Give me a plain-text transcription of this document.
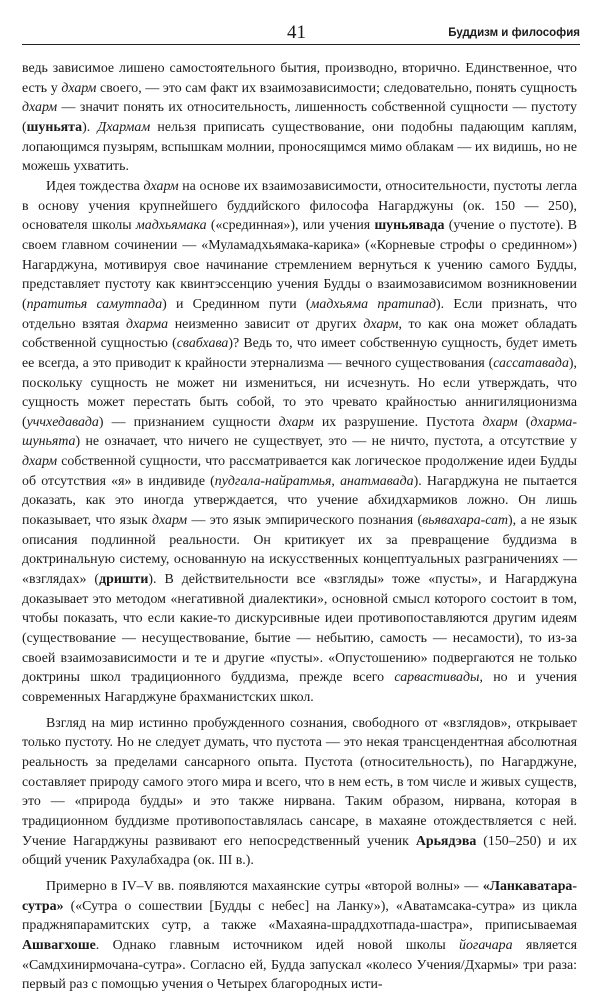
41	Буддизм и философия

ведь зависимое лишено самостоятельного бытия, производно, вторично. Единственное, что есть у дхарм своего, — это сам факт их взаимозависимости; следовательно, понять сущность дхарм — значит понять их относительность, лишенность собственной сущности — пустоту (шуньята). Дхармам нельзя приписать существование, они подобны падающим каплям, лопающимся пузырям, вспышкам молнии, проносящимся мимо облакам — их видишь, но не можешь ухватить.

Идея тождества дхарм на основе их взаимозависимости, относительности, пустоты легла в основу учения крупнейшего буддийского философа Нагарджуны (ок. 150 — 250), основателя школы мадхьямака («срединная»), или учения шуньявада (учение о пустоте). В своем главном сочинении — «Муламадхьямака-карика» («Корневые строфы о срединном») Нагарджуна, мотивируя свое начинание стремлением вернуться к учению самого Будды, представляет пустоту как квинтэссенцию учения Будды о взаимозависимом возникновении (пратитья самутпада) и Срединном пути (мадхьяма пратипад). Если признать, что отдельно взятая дхарма неизменно зависит от других дхарм, то как она может обладать собственной сущностью (свабхава)? Ведь то, что имеет собственную сущность, будет иметь ее всегда, а это приводит к крайности этернализма — вечного существования (сассатавада), поскольку сущность не может ни измениться, ни исчезнуть. Но если утверждать, что сущность может перестать быть собой, то это чревато крайностью аннигиляционизма (уччхедавада) — признанием сущности дхарм их разрушение. Пустота дхарм (дхарма-шуньята) не означает, что ничего не существует, это — не ничто, пустота, а отсутствие у дхарм собственной сущности, что рассматривается как логическое продолжение идеи Будды об отсутствия «я» в индивиде (пудгала-найратмья, анатмавада). Нагарджуна не пытается доказать, как это иногда утверждается, что учение абхидхармиков ложно. Он лишь показывает, что язык дхарм — это язык эмпирического познания (вьявахара-сат), а не язык описания подлинной реальности. Он критикует их за превращение буддизма в доктринальную систему, основанную на искусственных концептуальных разграничениях — «взглядах» (дришти). В действительности все «взгляды» тоже «пусты», и Нагарджуна доказывает это методом «негативной диалектики», основной смысл которого состоит в том, чтобы показать, что если какие-то дискурсивные идеи противопоставляются другим идеям (существование — несуществование, бытие — небытию, самость — несамости), то из-за своей взаимозависимости и те и другие «пусты». «Опустошению» подвергаются не только доктрины школ традиционного буддизма, прежде всего сарвастивады, но и учения современных Нагарджуне брахманистских школ.

Взгляд на мир истинно пробужденного сознания, свободного от «взглядов», открывает только пустоту. Но не следует думать, что пустота — это некая трансцендентная абсолютная реальность за пределами сансарного опыта. Пустота (относительность), по Нагарджуне, составляет природу самого этого мира и всего, что в нем есть, в том числе и живых существ, это — «природа будды» и это также нирвана. Таким образом, нирвана, которая в традиционном буддизме противопоставлялась сансаре, в махаяне отождествляется с ней. Учение Нагарджуны развивают его непосредственный ученик Арьядэва (150–250) и их общий ученик Рахулабхадра (ок. III в.).

Примерно в IV–V вв. появляются махаянские сутры «второй волны» — «Ланкаватара-сутра» («Сутра о сошествии [Будды с небес] на Ланку»), «Аватамсака-сутра» из цикла праджняпарамитских сутр, а также «Махаяна-шраддхотпада-шастра», приписываемая Ашвагхоше. Однако главным источником идей новой школы йогачара является «Самдхинирмочана-сутра». Согласно ей, Будда запускал «колесо Учения/Дхармы» три раза: первый раз с помощью учения о Четырех благородных исти-
